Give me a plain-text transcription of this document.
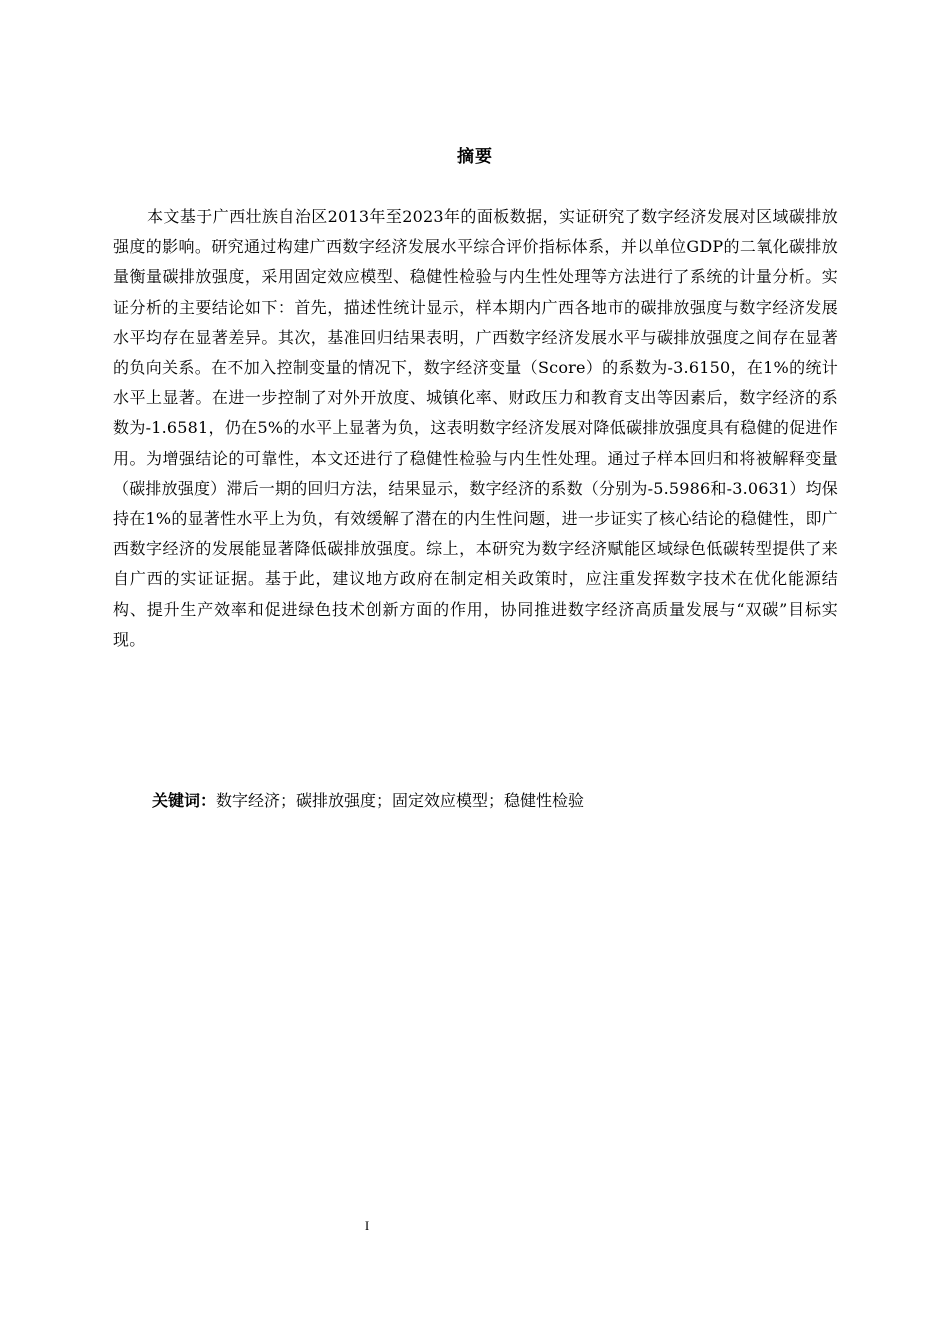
摘要

本文基于广西壮族自治区2013年至2023年的面板数据，实证研究了数字经济发展对区域碳排放强度的影响。研究通过构建广西数字经济发展水平综合评价指标体系，并以单位GDP的二氧化碳排放量衡量碳排放强度，采用固定效应模型、稳健性检验与内生性处理等方法进行了系统的计量分析。实证分析的主要结论如下：首先，描述性统计显示，样本期内广西各地市的碳排放强度与数字经济发展水平均存在显著差异。其次，基准回归结果表明，广西数字经济发展水平与碳排放强度之间存在显著的负向关系。在不加入控制变量的情况下，数字经济变量（Score）的系数为-3.6150，在1%的统计水平上显著。在进一步控制了对外开放度、城镇化率、财政压力和教育支出等因素后，数字经济的系数为-1.6581，仍在5%的水平上显著为负，这表明数字经济发展对降低碳排放强度具有稳健的促进作用。为增强结论的可靠性，本文还进行了稳健性检验与内生性处理。通过子样本回归和将被解释变量（碳排放强度）滞后一期的回归方法，结果显示，数字经济的系数（分别为-5.5986和-3.0631）均保持在1%的显著性水平上为负，有效缓解了潜在的内生性问题，进一步证实了核心结论的稳健性，即广西数字经济的发展能显著降低碳排放强度。综上，本研究为数字经济赋能区域绿色低碳转型提供了来自广西的实证证据。基于此，建议地方政府在制定相关政策时，应注重发挥数字技术在优化能源结构、提升生产效率和促进绿色技术创新方面的作用，协同推进数字经济高质量发展与“双碳”目标实现。

关键词：数字经济；碳排放强度；固定效应模型；稳健性检验
I
